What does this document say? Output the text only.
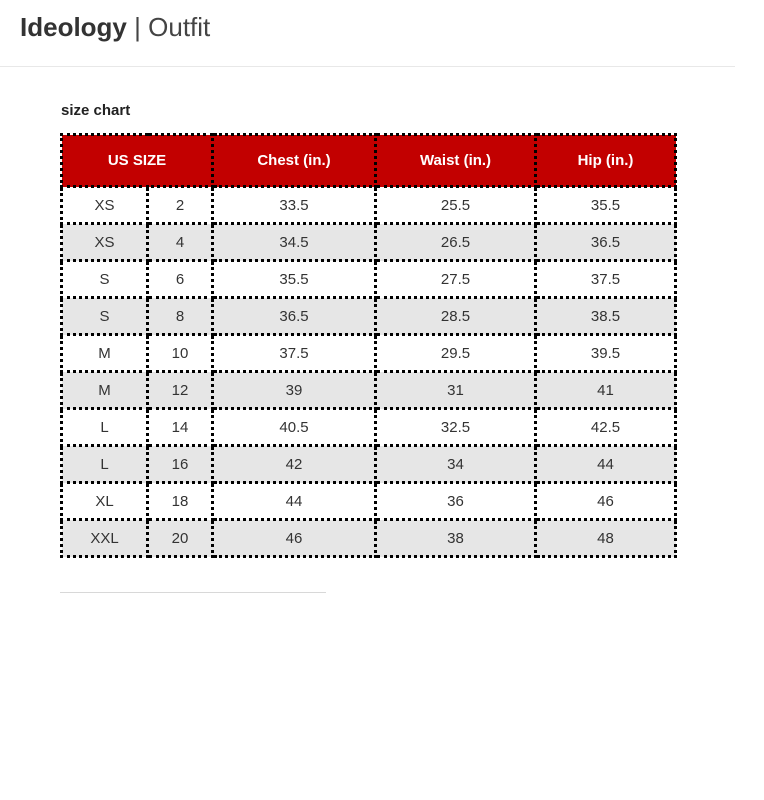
Ideology | Outfit
size chart
US SIZE		Chest (in.)	Waist (in.)	Hip (in.)
XS	2	33.5	25.5	35.5
XS	4	34.5	26.5	36.5
S	6	35.5	27.5	37.5
S	8	36.5	28.5	38.5
M	10	37.5	29.5	39.5
M	12	39	31	41
L	14	40.5	32.5	42.5
L	16	42	34	44
XL	18	44	36	46
XXL	20	46	38	48
